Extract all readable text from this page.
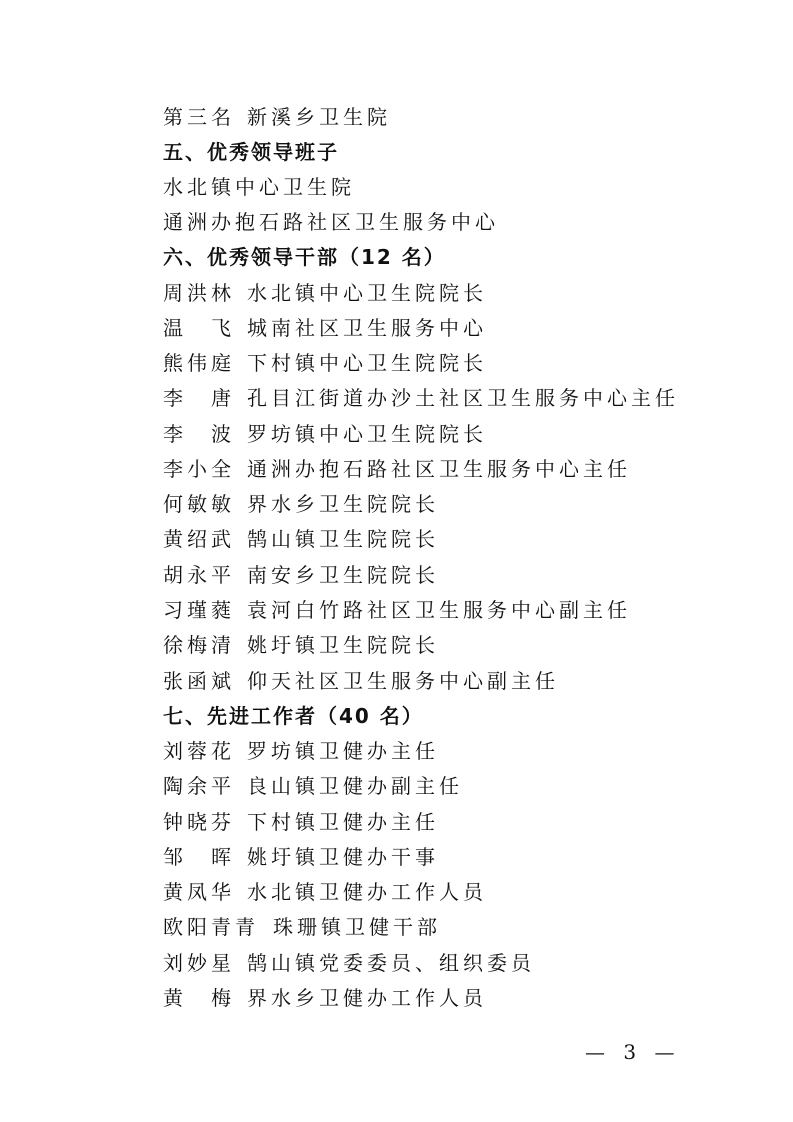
第三名 新溪乡卫生院
五、优秀领导班子
水北镇中心卫生院
通洲办抱石路社区卫生服务中心
六、优秀领导干部（12 名）
周洪林 水北镇中心卫生院院长
温　飞 城南社区卫生服务中心
熊伟庭 下村镇中心卫生院院长
李　唐 孔目江街道办沙土社区卫生服务中心主任
李　波 罗坊镇中心卫生院院长
李小全 通洲办抱石路社区卫生服务中心主任
何敏敏 界水乡卫生院院长
黄绍武 鹄山镇卫生院院长
胡永平 南安乡卫生院院长
习瑾蕤 袁河白竹路社区卫生服务中心副主任
徐梅清 姚圩镇卫生院院长
张函斌 仰天社区卫生服务中心副主任
七、先进工作者（40 名）
刘蓉花 罗坊镇卫健办主任
陶余平 良山镇卫健办副主任
钟晓芬 下村镇卫健办主任
邹　晖 姚圩镇卫健办干事
黄凤华 水北镇卫健办工作人员
欧阳青青 珠珊镇卫健干部
刘妙星 鹄山镇党委委员、组织委员
黄　梅 界水乡卫健办工作人员
— 3 —
